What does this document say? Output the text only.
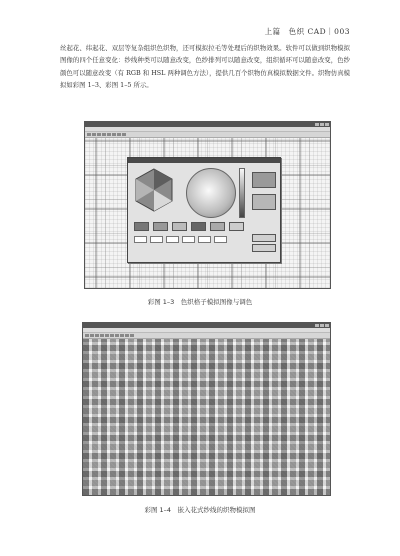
上篇　色织 CAD｜003
丝起花、纬起花、双层等复杂组织色织物，还可模拟拉毛等处理后的织物效果。软件可以做到织物模拟图像的四个任意变化：纱线种类可以随意改变，色纱排列可以随意改变，组织循环可以随意改变，色纱颜色可以随意改变（有 RGB 和 HSL 两种调色方法），提供几百个织物仿真模拟数据文件。织物仿真模拟如彩图 1–3、彩图 1–5 所示。
彩图 1–3　色织格子模拟图像与调色
彩图 1–4　嵌入花式纱线的织物模拟图
